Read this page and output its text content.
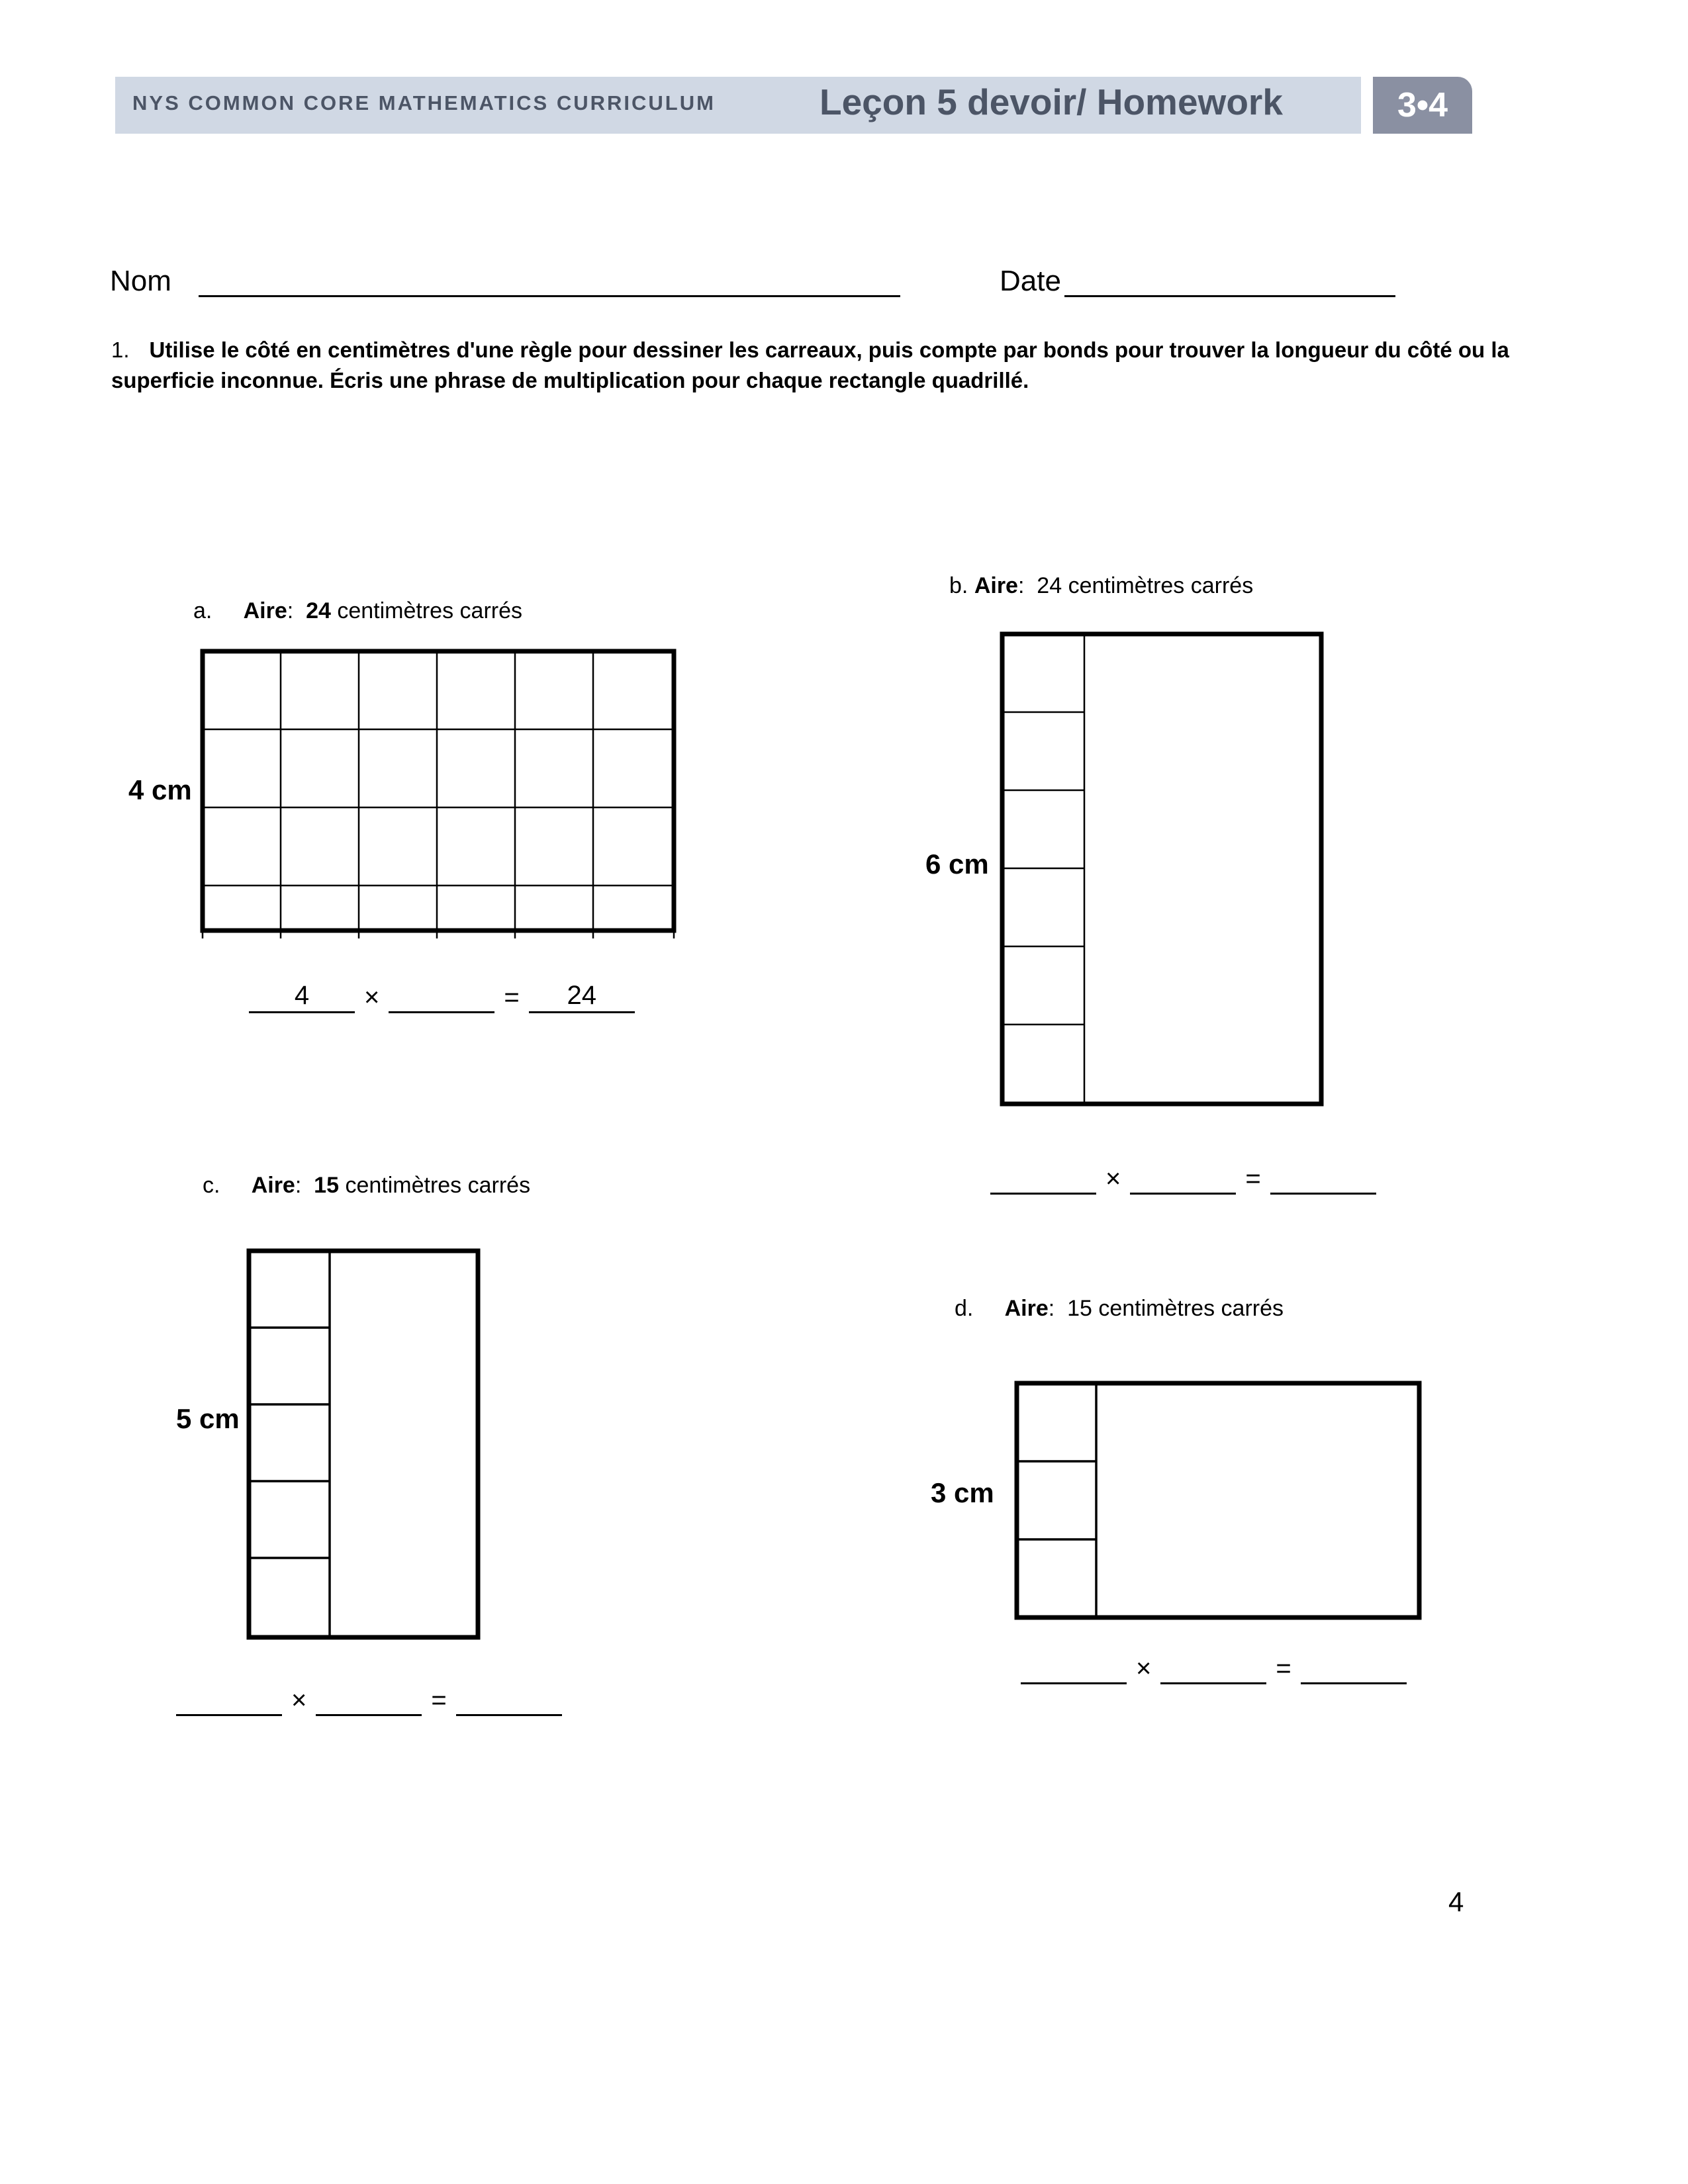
NYS COMMON CORE MATHEMATICS CURRICULUM	Leçon 5 devoir/ Homework	3•4
Nom	Date
1. Utilise le côté en centimètres d'une règle pour dessiner les carreaux, puis compte par bonds pour trouver la longueur du côté ou la superficie inconnue. Écris une phrase de multiplication pour chaque rectangle quadrillé.
a. Aire:  24 centimètres carrés
4 cm
4	×	=	24
b. Aire:  24 centimètres carrés
6 cm
×	=
c. Aire:  15 centimètres carrés
5 cm
×	=
d. Aire:  15 centimètres carrés
3 cm
×	=
4
